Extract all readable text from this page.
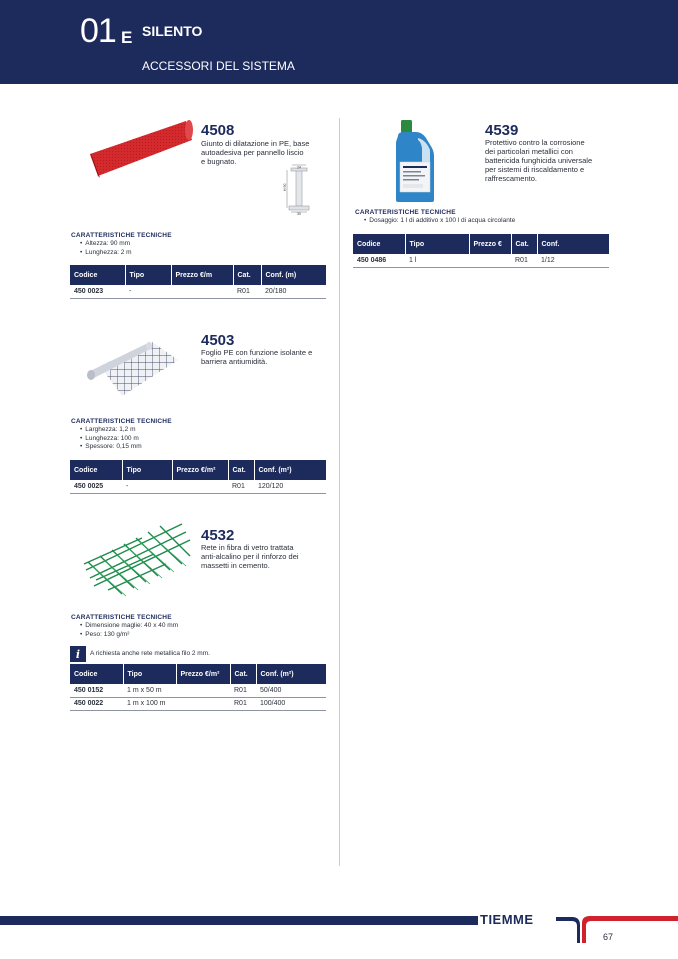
01 E SILENTO
ACCESSORI DEL SISTEMA
4508
Giunto di dilatazione in PE, base
autoadesiva per pannello liscio
e bugnato.
24
H 90
30
CARATTERISTICHE TECNICHE
• Altezza: 90 mm
• Lunghezza: 2 m
Codice	Tipo	Prezzo €/m	Cat.	Conf. (m)
450 0023	-		R01	20/180
4503
Foglio PE con funzione isolante e
barriera antiumidità.
CARATTERISTICHE TECNICHE
• Larghezza: 1,2 m
• Lunghezza: 100 m
• Spessore: 0,15 mm
Codice	Tipo	Prezzo €/m²	Cat.	Conf. (m²)
450 0025	-		R01	120/120
4532
Rete in fibra di vetro trattata
anti-alcalino per il rinforzo dei
massetti in cemento.
CARATTERISTICHE TECNICHE
• Dimensione maglie: 40 x 40 mm
• Peso: 130 g/m²
i	A richiesta anche rete metallica filo 2 mm.
Codice	Tipo	Prezzo €/m²	Cat.	Conf. (m²)
450 0152	1 m x 50 m		R01	50/400
450 0022	1 m x 100 m		R01	100/400
4539
Protettivo contro la corrosione
dei particolari metallici con
battericida funghicida universale
per sistemi di riscaldamento e
raffrescamento.
CARATTERISTICHE TECNICHE
• Dosaggio: 1 l di additivo x 100 l di acqua circolante
Codice	Tipo	Prezzo €	Cat.	Conf.
450 0486	1 l		R01	1/12
TIEMME
67
